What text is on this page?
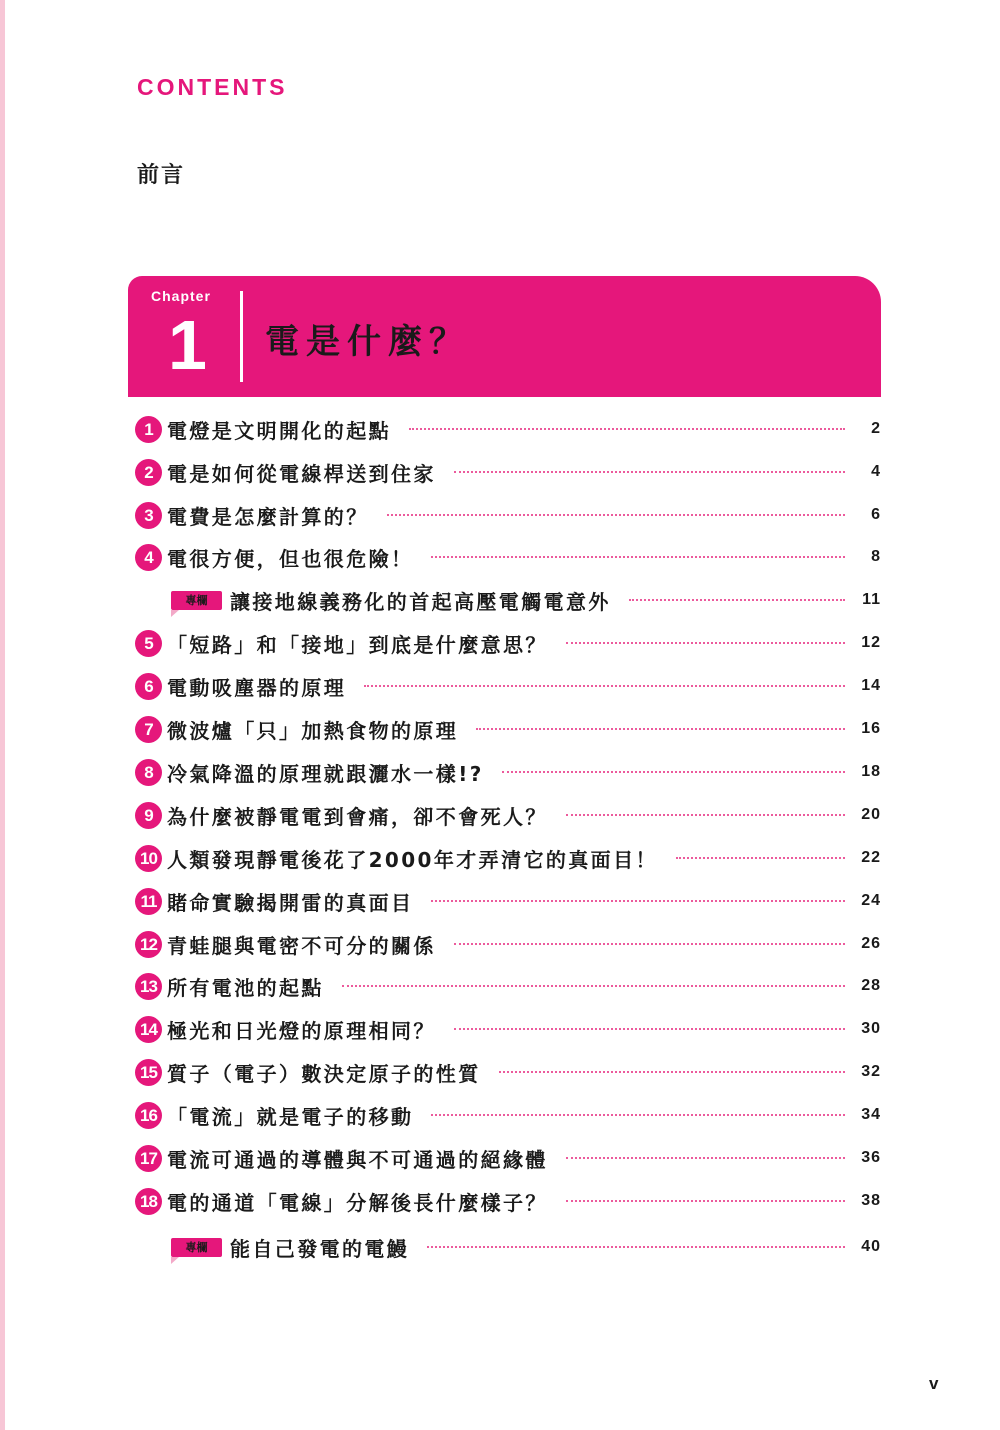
CONTENTS
前言
Chapter
1 電是什麼？
1 電燈是文明開化的起點	2
2 電是如何從電線桿送到住家	4
3 電費是怎麼計算的？	6
4 電很方便，但也很危險！	8
專欄	讓接地線義務化的首起高壓電觸電意外	11
5 「短路」和「接地」到底是什麼意思？	12
6 電動吸塵器的原理	14
7 微波爐「只」加熱食物的原理	16
8 冷氣降溫的原理就跟灑水一樣!?	18
9 為什麼被靜電電到會痛，卻不會死人？	20
10 人類發現靜電後花了2000年才弄清它的真面目！	22
11 賭命實驗揭開雷的真面目	24
12 青蛙腿與電密不可分的關係	26
13 所有電池的起點	28
14 極光和日光燈的原理相同？	30
15 質子（電子）數決定原子的性質	32
16 「電流」就是電子的移動	34
17 電流可通過的導體與不可通過的絕緣體	36
18 電的通道「電線」分解後長什麼樣子？	38
專欄	能自己發電的電鰻	40
v
